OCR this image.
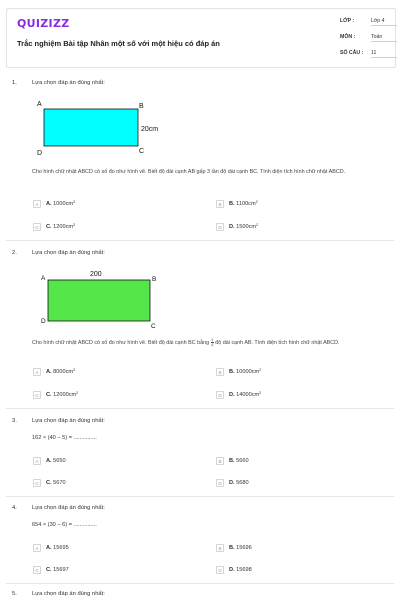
QUIZIZZ
Trắc nghiệm Bài tập Nhân một số với một hiệu có đáp án
LỚP :	Lớp 4
MÔN :	Toán
SỐ CÂU : 11
1.	Lựa chọn đáp án đúng nhất:
A	B
C
D
20cm
Cho hình chữ nhật ABCD có số đo như hình vẽ. Biết độ dài cạnh AB gấp 3 lần độ dài cạnh BC. Tính diện tích hình chữ nhật ABCD.
A	A. $1000cm^2$	B	B. $1100cm^2$
C	C. $1200cm^2$	D	D. $1500cm^2$
2.	Lựa chọn đáp án đúng nhất:
200
A	B
C
D
Cho hình chữ nhật ABCD có số đo như hình vẽ. Biết độ dài cạnh BC bằng $\frac{1}{4}$ độ dài cạnh AB. Tính diện tích hình chữ nhật ABCD.
A	A. $8000cm^2$	B	B. $10000cm^2$
C	C. $12000cm^2$	D	D. $14000cm^2$
3.	Lựa chọn đáp án đúng nhất:
162 × (40 − 5) = ...............
A	A. 5650	B	B. 5660
C	C. 5670	D	D. 5680
4.	Lựa chọn đáp án đúng nhất:
654 × (30 − 6) = ...............
A	A. 15695	B	B. 15696
C	C. 15697	D	D. 15698
5.	Lựa chọn đáp án đúng nhất:
